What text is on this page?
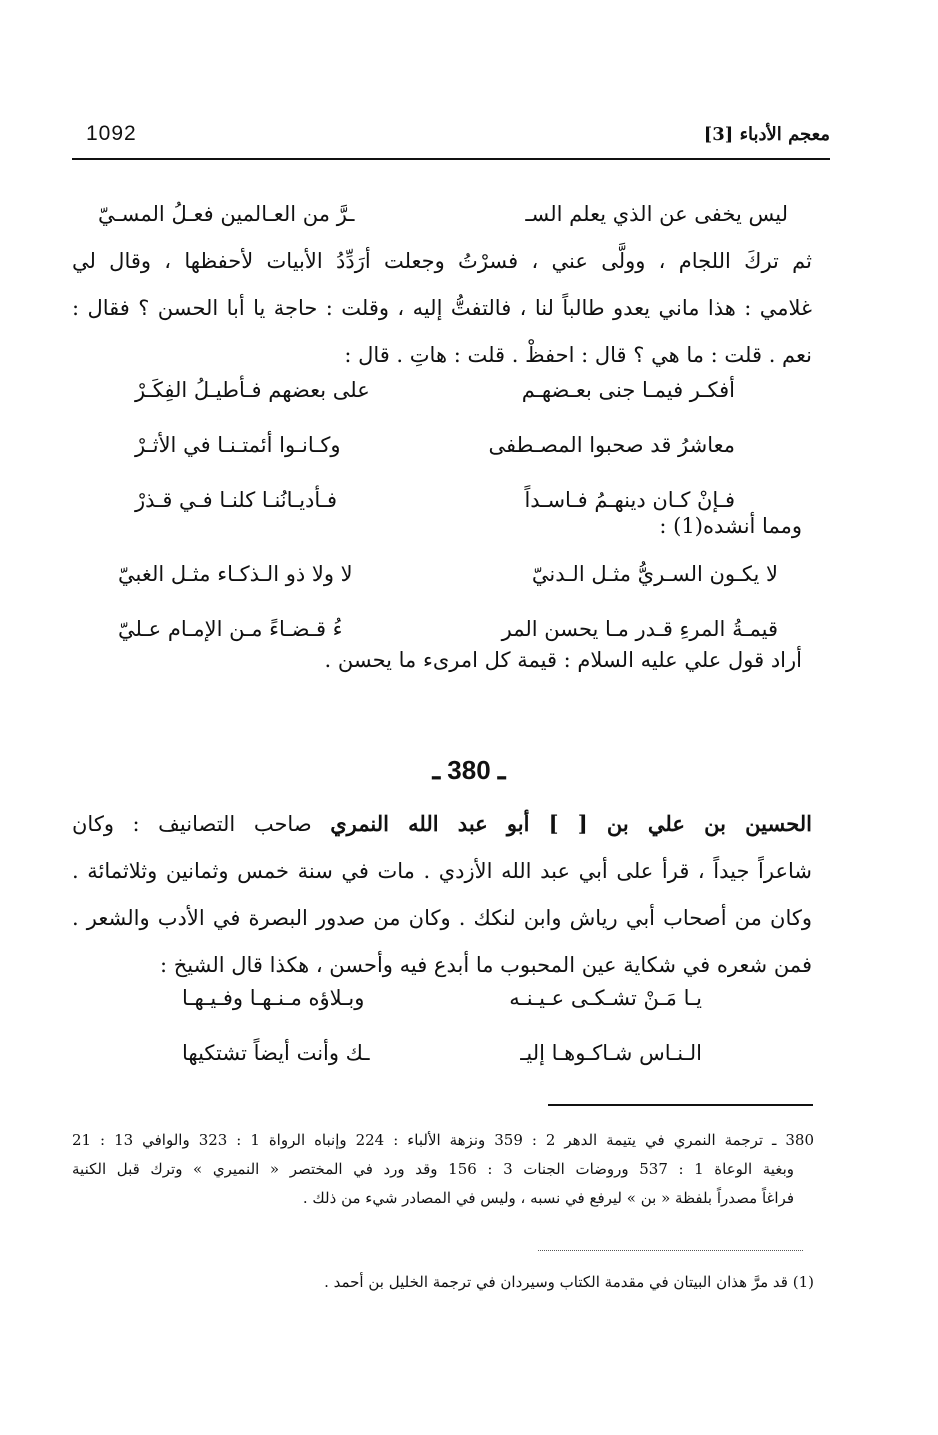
1092	معجم الأدباء [3]
ليس يخفى عن الذي يعلم السـ
ـرَّ من العـالمين فعـلُ المسـيّ

ثم تركَ اللجام ، وولَّى عني ، فسرْتُ وجعلت أرَدِّدُ الأبيات لأحفظها ، وقال لي

غلامي : هذا ماني يعدو طالباً لنا ، فالتفتُّ إليه ، وقلت : حاجة يا أبا الحسن ؟ فقال :

نعم . قلت : ما هي ؟ قال : احفظْ . قلت : هاتِ . قال :

أفكـر فيمـا جنى بعـضهـم
على بعضهم فـأطيـلُ الفِكَـرْ
معاشرُ قد صحبوا المصـطفى
وكـانـوا أئمتـنـا في الأثـرْ
فـإنْ كـان دينهـمُ فـاسـداً
فـأديـانُنـا كلنـا فـي قـذرْ
ومما أنشده(1) :
لا يكـون السـريُّ مثـل الـدنيّ
لا ولا ذو الـذكـاء مثـل الغبيّ
قيمـةُ المرءِ قـدر مـا يحسن المر
ءُ قـضـاءً مـن الإمـام عـليّ
أراد قول علي عليه السلام : قيمة كل امرىء ما يحسن .
ـ 380 ـ

الحسين بن علي بن [ ] أبو عبد الله النمري صاحب التصانيف : وكان

شاعراً جيداً ، قرأ على أبي عبد الله الأزدي . مات في سنة خمس وثمانين وثلاثمائة .

وكان من أصحاب أبي رياش وابن لنكك . وكان من صدور البصرة في الأدب والشعر .

فمن شعره في شكاية عين المحبوب ما أبدع فيه وأحسن ، هكذا قال الشيخ :

يـا مَـنْ تشـكـى عـيـنـه
وبـلاؤه مـنـهـا وفـيـهـا
الـنـاس شـاكـوهـا إليـ
ـك وأنت أيضاً تشتكيها
380 ـ ترجمة النمري في يتيمة الدهر 2 : 359 ونزهة الألباء : 224 وإنباه الرواة 1 : 323 والوافي 13 : 21
وبغية الوعاة 1 : 537 وروضات الجنات 3 : 156 وقد ورد في المختصر « النميري » وترك قبل الكنية
فراغاً مصدراً بلفظة « بن » ليرفع في نسبه ، وليس في المصادر شيء من ذلك .
(1) قد مرَّ هذان البيتان في مقدمة الكتاب وسيردان في ترجمة الخليل بن أحمد .
